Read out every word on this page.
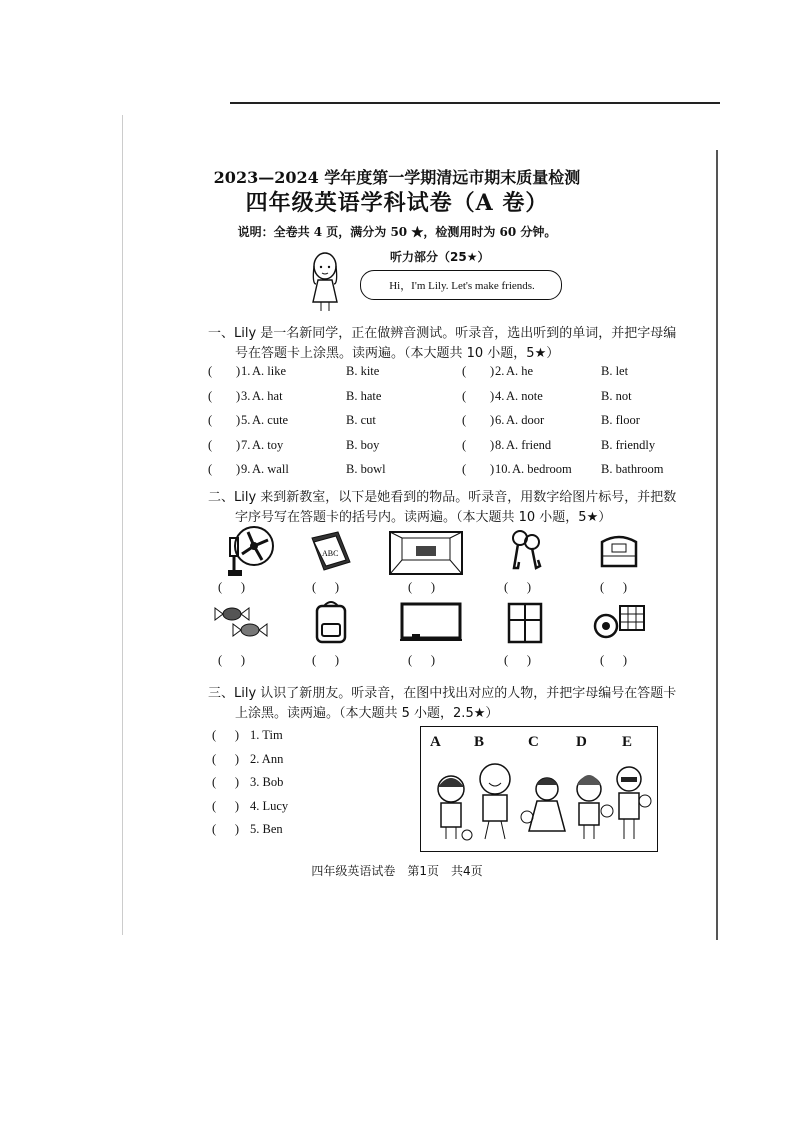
2023—2024 学年度第一学期清远市期末质量检测
四年级英语学科试卷（A 卷）
说明：全卷共 4 页，满分为 50 ★，检测用时为 60 分钟。
听力部分（25★）
Hi，I'm Lily. Let's make friends.
一、Lily 是一名新同学，正在做辨音测试。听录音，选出听到的单词，并把字母编
号在答题卡上涂黑。读两遍。（本大题共 10 小题，5★）
( ) 1. A. like	B. kite	( ) 2. A. he	B. let
( ) 3. A. hat	B. hate	( ) 4. A. note	B. not
( ) 5. A. cute	B. cut	( ) 6. A. door	B. floor
( ) 7. A. toy	B. boy	( ) 8. A. friend	B. friendly
( ) 9. A. wall	B. bowl	( ) 10. A. bedroom B. bathroom
二、Lily 来到新教室，以下是她看到的物品。听录音，用数字给图片标号，并把数
字序号写在答题卡的括号内。读两遍。（本大题共 10 小题，5★）
ABC
(      )	(      )	(      )	(      )	(      )
(      )	(      )	(      )	(      )	(      )
三、Lily 认识了新朋友。听录音，在图中找出对应的人物，并把字母编号在答题卡
上涂黑。读两遍。（本大题共 5 小题，2.5★）
(      ) 1. Tim
(      ) 2. Ann
(      ) 3. Bob
(      ) 4. Lucy
(      ) 5. Ben
A B	C D E
四年级英语试卷　第1页　共4页
